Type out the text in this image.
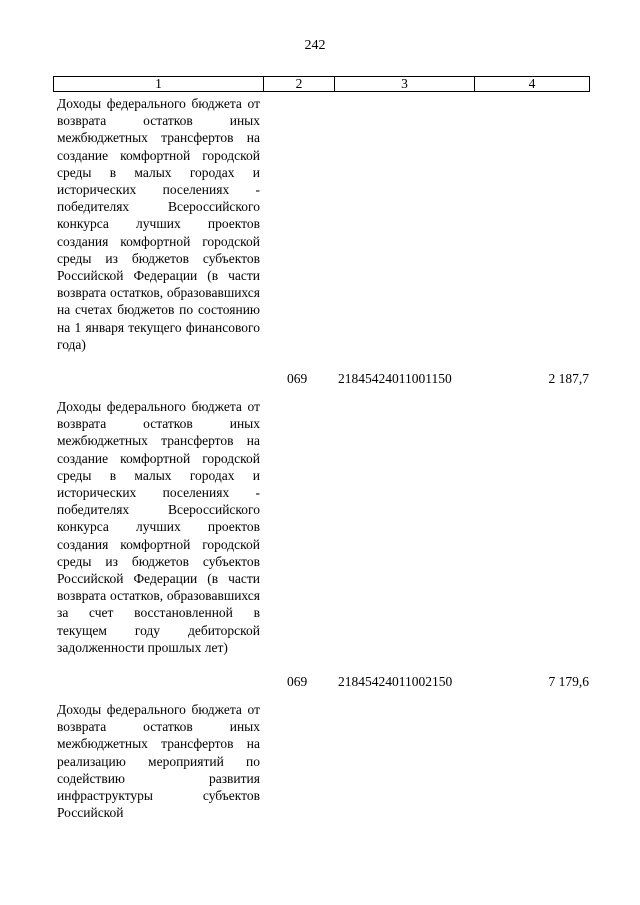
242
1	2	3	4
Доходы федерального бюджета от возврата остатков иных межбюджетных трансфертов на создание комфортной городской среды в малых городах и исторических поселениях - победителях Всероссийского конкурса лучших проектов создания комфортной городской среды из бюджетов субъектов Российской Федерации (в части возврата остатков, образовавшихся на счетах бюджетов по состоянию на 1 января текущего финансового года)
069	21845424011001150	2 187,7
Доходы федерального бюджета от возврата остатков иных межбюджетных трансфертов на создание комфортной городской среды в малых городах и исторических поселениях - победителях Всероссийского конкурса лучших проектов создания комфортной городской среды из бюджетов субъектов Российской Федерации (в части возврата остатков, образовавшихся за счет восстановленной в текущем году дебиторской задолженности прошлых лет)
069	21845424011002150	7 179,6
Доходы федерального бюджета от возврата остатков иных межбюджетных трансфертов на реализацию мероприятий по содействию развития инфраструктуры субъектов Российской
